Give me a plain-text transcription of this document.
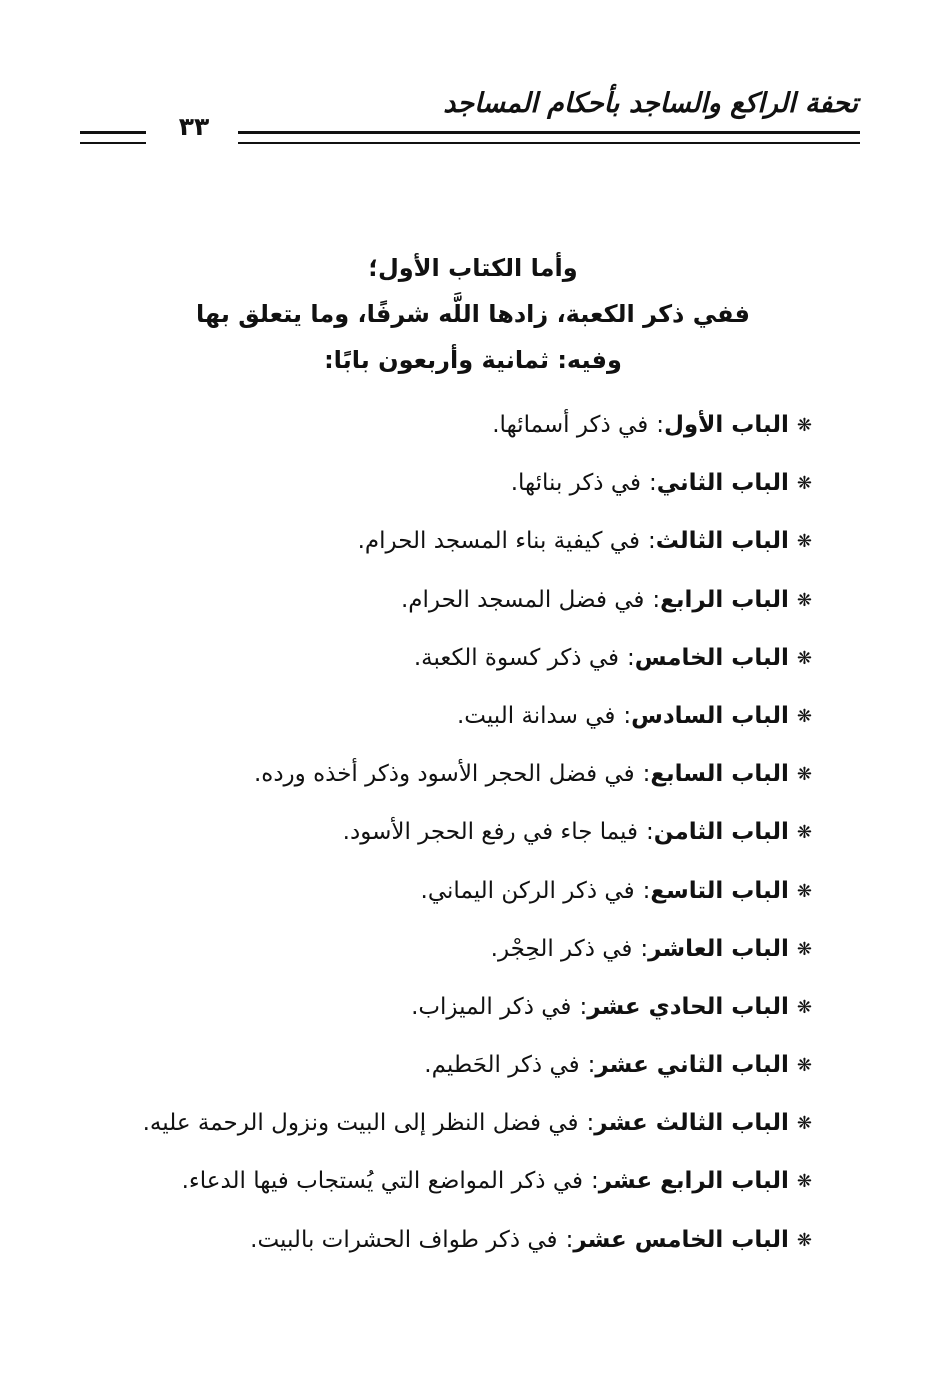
تحفة الراكع والساجد بأحكام المساجد
٣٣
وأما الكتاب الأول؛
ففي ذكر الكعبة، زادها اللَّه شرفًا، وما يتعلق بها
وفيه: ثمانية وأربعون بابًا:
❋الباب الأول:في ذكر أسمائها.
❋الباب الثاني:في ذكر بنائها.
❋الباب الثالث:في كيفية بناء المسجد الحرام.
❋الباب الرابع:في فضل المسجد الحرام.
❋الباب الخامس:في ذكر كسوة الكعبة.
❋الباب السادس:في سدانة البيت.
❋الباب السابع:في فضل الحجر الأسود وذكر أخذه ورده.
❋الباب الثامن:فيما جاء في رفع الحجر الأسود.
❋الباب التاسع:في ذكر الركن اليماني.
❋الباب العاشر:في ذكر الحِجْر.
❋الباب الحادي عشر:في ذكر الميزاب.
❋الباب الثاني عشر:في ذكر الحَطيم.
❋الباب الثالث عشر:في فضل النظر إلى البيت ونزول الرحمة عليه.
❋الباب الرابع عشر:في ذكر المواضع التي يُستجاب فيها الدعاء.
❋الباب الخامس عشر:في ذكر طواف الحشرات بالبيت.
